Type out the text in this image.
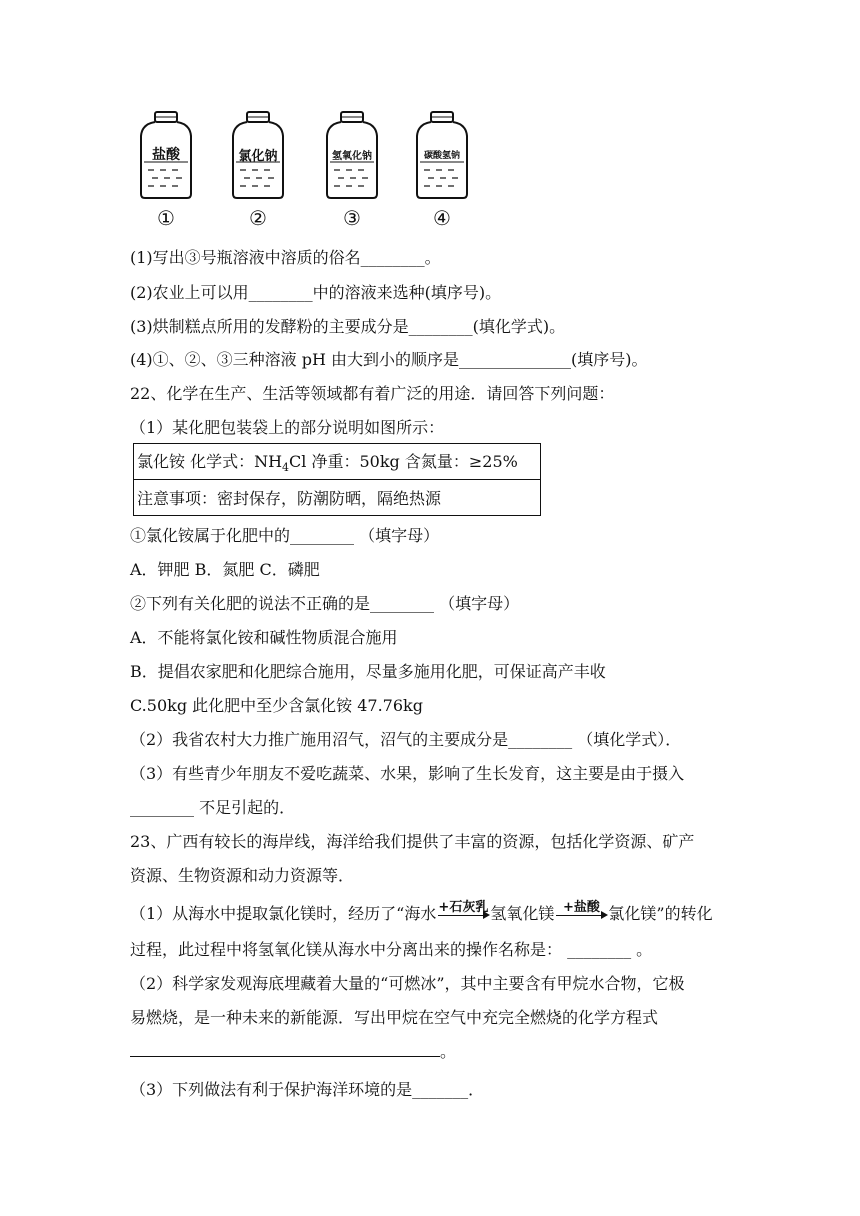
盐酸
①
氯化钠
②
氢氧化钠
③
碳酸氢钠
④
(1)写出③号瓶溶液中溶质的俗名________。
(2)农业上可以用________中的溶液来选种(填序号)。
(3)烘制糕点所用的发酵粉的主要成分是________(填化学式)。
(4)①、②、③三种溶液 pH 由大到小的顺序是______________(填序号)。
22、化学在生产、生活等领域都有着广泛的用途．请回答下列问题：
（1）某化肥包装袋上的部分说明如图所示：
氯化铵 化学式：$NH_4Cl$ 净重：50kg 含氮量：≥25%
注意事项：密封保存，防潮防晒，隔绝热源
①氯化铵属于化肥中的________ （填字母）
A．钾肥 B．氮肥 C．磷肥
②下列有关化肥的说法不正确的是________ （填字母）
A．不能将氯化铵和碱性物质混合施用
B．提倡农家肥和化肥综合施用，尽量多施用化肥，可保证高产丰收
C.50kg 此化肥中至少含氯化铵 47.76kg
（2）我省农村大力推广施用沼气，沼气的主要成分是________ （填化学式）．
（3）有些青少年朋友不爱吃蔬菜、水果，影响了生长发育，这主要是由于摄入
________ 不足引起的．
23、广西有较长的海岸线，海洋给我们提供了丰富的资源，包括化学资源、矿产
资源、生物资源和动力资源等．
（1）从海水中提取氯化镁时，经历了“海水 +石灰乳 氢氧化镁 +盐酸 氯化镁”的转化
过程，此过程中将氢氧化镁从海水中分离出来的操作名称是： ________ 。
（2）科学家发观海底埋藏着大量的“可燃冰”，其中主要含有甲烷水合物，它极
易燃烧，是一种未来的新能源．写出甲烷在空气中充完全燃烧的化学方程式
。
（3）下列做法有利于保护海洋环境的是_______．
